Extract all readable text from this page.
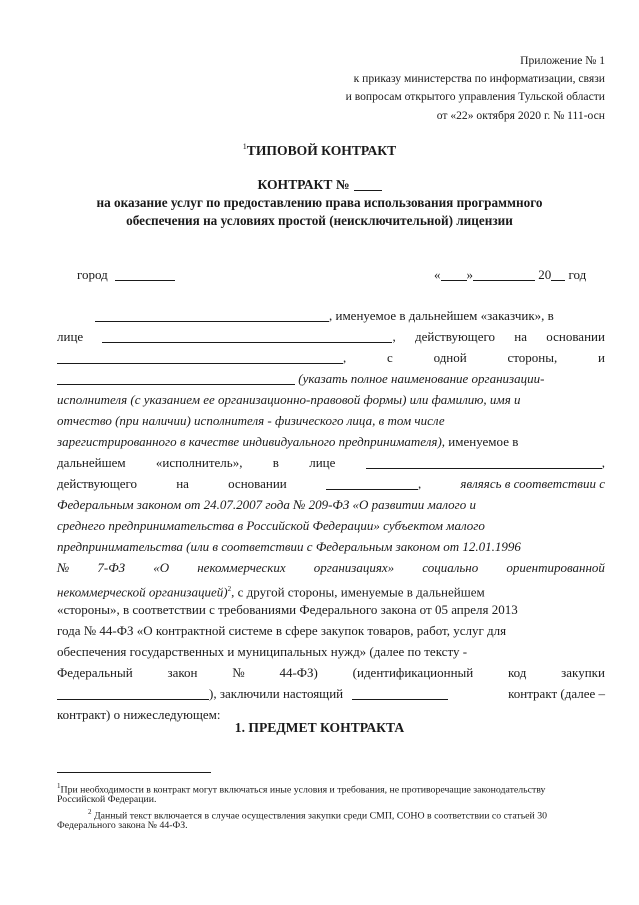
Приложение № 1
к приказу министерства по информатизации, связи
и вопросам открытого управления Тульской области
от «22» октября 2020 г. № 111-осн
$^1$ТИПОВОЙ КОНТРАКТ
КОНТРАКТ №
на оказание услуг по предоставлению права использования программного
обеспечения на условиях простой (неисключительной) лицензии
город	« »	20 год
, именуемое в дальнейшем «заказчик», в
лице	, действующего на основании
,	с	одной	стороны,	и
(указать полное наименование организации-
исполнителя (с указанием ее организационно-правовой формы) или фамилию, имя и
отчество (при наличии) исполнителя - физического лица, в том числе
зарегистрированного в качестве индивидуального предпринимателя), именуемое в
дальнейшем «исполнитель», в лице	,
действующего	на	основании	,	являясь в соответствии с
Федеральным законом от 24.07.2007 года № 209-ФЗ «О развитии малого и
среднего предпринимательства в Российской Федерации» субъектом малого
предпринимательства (или в соответствии с Федеральным законом от 12.01.1996
№ 7-ФЗ «О некоммерческих организациях» социально ориентированной
некоммерческой организацией)$^2$, с другой стороны, именуемые в дальнейшем
«стороны», в соответствии с требованиями Федерального закона от 05 апреля 2013
года № 44-ФЗ «О контрактной системе в сфере закупок товаров, работ, услуг для
обеспечения государственных и муниципальных нужд» (далее по тексту -
Федеральный	закон	№	44-ФЗ)	(идентификационный	код	закупки
), заключили настоящий	контракт (далее –
контракт) о нижеследующем:
1. ПРЕДМЕТ КОНТРАКТА
$^1$При необходимости в контракт могут включаться иные условия и требования, не противоречащие законодательству
Российской Федерации.
$^2$ Данный текст включается в случае осуществления закупки среди СМП, СОНО в соответствии со статьей 30
Федерального закона № 44-ФЗ.
